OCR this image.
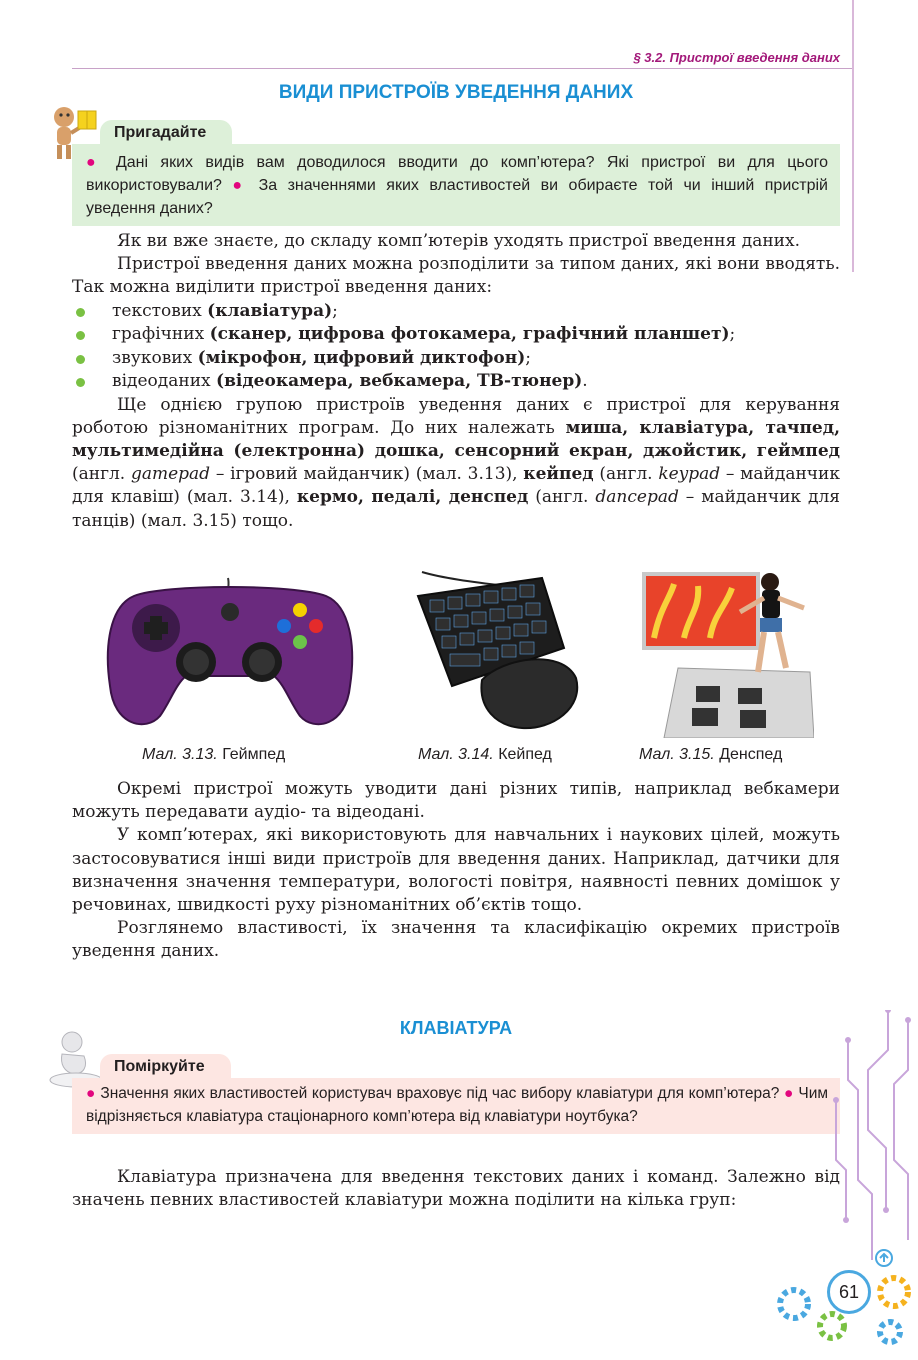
§ 3.2. Пристрої введення даних
ВИДИ ПРИСТРОЇВ УВЕДЕННЯ ДАНИХ
Пригадайте
● Дані яких видів вам доводилося вводити до комп’ютера? Які пристрої ви для цього використовували? ● За значеннями яких властивостей ви обираєте той чи інший пристрій уведення даних?

Як ви вже знаєте, до складу комп’ютерів уходять пристрої введення даних.

Пристрої введення даних можна розподілити за типом даних, які вони вводять. Так можна виділити пристрої введення даних:

текстових (клавіатура);
графічних (сканер, цифрова фотокамера, графічний планшет);
звукових (мікрофон, цифровий диктофон);
відеоданих (відеокамера, вебкамера, ТВ-тюнер).

Ще однією групою пристроїв уведення даних є пристрої для керування роботою різноманітних програм. До них належать миша, клавіатура, тачпед, мультимедійна (електронна) дошка, сенсорний екран, джойстик, геймпед (англ. gamepad – ігровий майданчик) (мал. 3.13), кейпед (англ. keypad – майданчик для клавіш) (мал. 3.14), кермо, педалі, денспед (англ. dancepad – майданчик для танців) (мал. 3.15) тощо.

Мал. 3.13. Геймпед	Мал. 3.14. Кейпед	Мал. 3.15. Денспед

Окремі пристрої можуть уводити дані різних типів, наприклад вебкамери можуть передавати аудіо- та відеодані.

У комп’ютерах, які використовують для навчальних і наукових цілей, можуть застосовуватися інші види пристроїв для введення даних. Наприклад, датчики для визначення значення температури, вологості повітря, наявності певних домішок у речовинах, швидкості руху різноманітних об’єктів тощо.

Розглянемо властивості, їх значення та класифікацію окремих пристроїв уведення даних.

КЛАВІАТУРА
Поміркуйте
● Значення яких властивостей користувач враховує під час вибору клавіатури для комп’ютера? ● Чим відрізняється клавіатура стаціонарного комп’ютера від клавіатури ноутбука?

Клавіатура призначена для введення текстових даних і команд. Залежно від значень певних властивостей клавіатури можна поділити на кілька груп:

61
